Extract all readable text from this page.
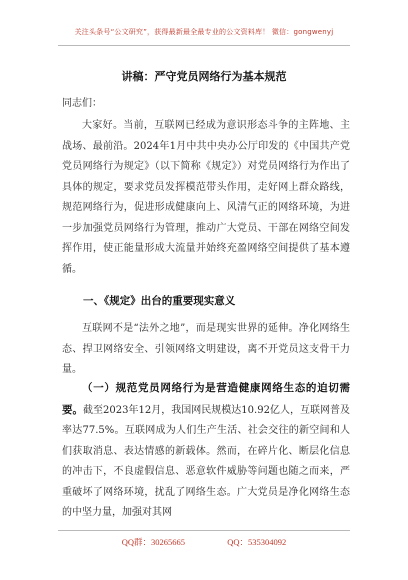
关注头条号“公文研究”，获得最新最全最专业的公文资料库！ 微信：gongwenyj
讲稿：严守党员网络行为基本规范
同志们：
大家好。当前，互联网已经成为意识形态斗争的主阵地、主战场、最前沿。2024年1月中共中央办公厅印发的《中国共产党党员网络行为规定》（以下简称《规定》）对党员网络行为作出了具体的规定，要求党员发挥模范带头作用，走好网上群众路线，规范网络行为，促进形成健康向上、风清气正的网络环境，为进一步加强党员网络行为管理，推动广大党员、干部在网络空间发挥作用，使正能量形成大流量并始终充盈网络空间提供了基本遵循。
一、《规定》出台的重要现实意义
互联网不是“法外之地”，而是现实世界的延伸。净化网络生态、捍卫网络安全、引领网络文明建设，离不开党员这支骨干力量。
（一）规范党员网络行为是营造健康网络生态的迫切需要。截至2023年12月，我国网民规模达10.92亿人，互联网普及率达77.5%。互联网成为人们生产生活、社会交往的新空间和人们获取消息、表达情感的新载体。然而，在碎片化、断层化信息的冲击下，不良虚假信息、恶意软件威胁等问题也随之而来，严重破坏了网络环境，扰乱了网络生态。广大党员是净化网络生态的中坚力量，加强对其网
QQ群：30265665	QQ：535304092
